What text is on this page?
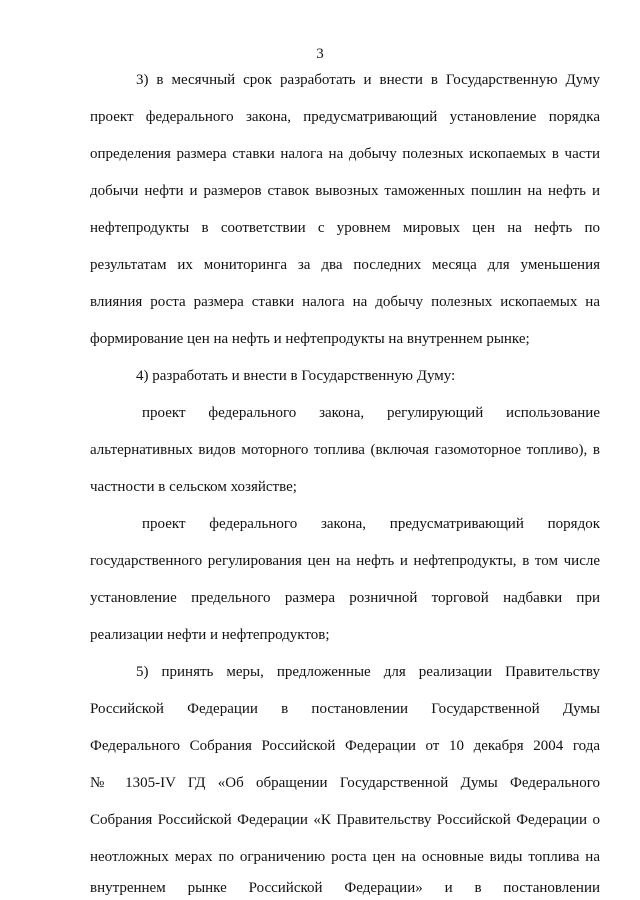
3
3) в месячный срок разработать и внести в Государственную Думу
проект федерального закона, предусматривающий установление порядка
определения размера ставки налога на добычу полезных ископаемых в части
добычи нефти и размеров ставок вывозных таможенных пошлин на нефть и
нефтепродукты в соответствии с уровнем мировых цен на нефть по
результатам их мониторинга за два последних месяца для уменьшения
влияния роста размера ставки налога на добычу полезных ископаемых на
формирование цен на нефть и нефтепродукты на внутреннем рынке;
4) разработать и внести в Государственную Думу:
проект федерального закона, регулирующий использование
альтернативных видов моторного топлива (включая газомоторное топливо), в
частности в сельском хозяйстве;
проект федерального закона, предусматривающий порядок
государственного регулирования цен на нефть и нефтепродукты, в том числе
установление предельного размера розничной торговой надбавки при
реализации нефти и нефтепродуктов;
5) принять меры, предложенные для реализации Правительству
Российской Федерации в постановлении Государственной Думы
Федерального Собрания Российской Федерации от 10 декабря 2004 года
№ 1305-IV ГД «Об обращении Государственной Думы Федерального
Собрания Российской Федерации «К Правительству Российской Федерации о
неотложных мерах по ограничению роста цен на основные виды топлива на
внутреннем рынке Российской Федерации» и в постановлении
